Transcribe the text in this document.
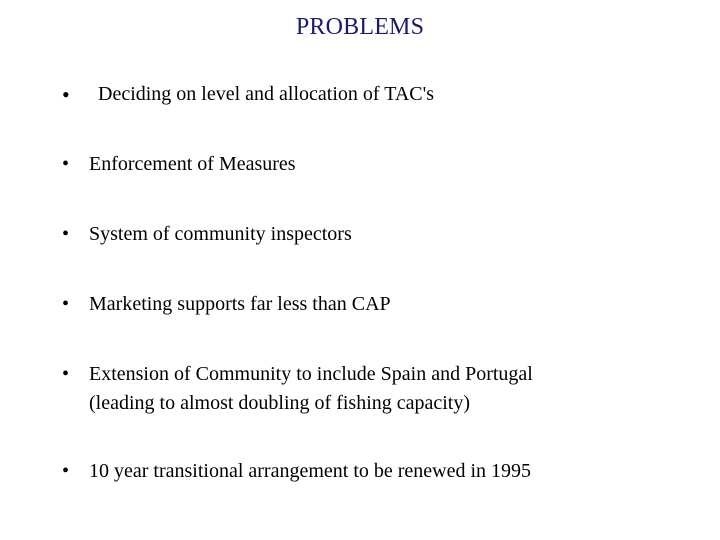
PROBLEMS
•	Deciding on level and allocation of TAC's
• Enforcement of Measures
• System of community inspectors
• Marketing supports far less than CAP
• Extension of Community to include Spain and Portugal
(leading to almost doubling of fishing capacity)
• 10 year transitional arrangement to be renewed in 1995
